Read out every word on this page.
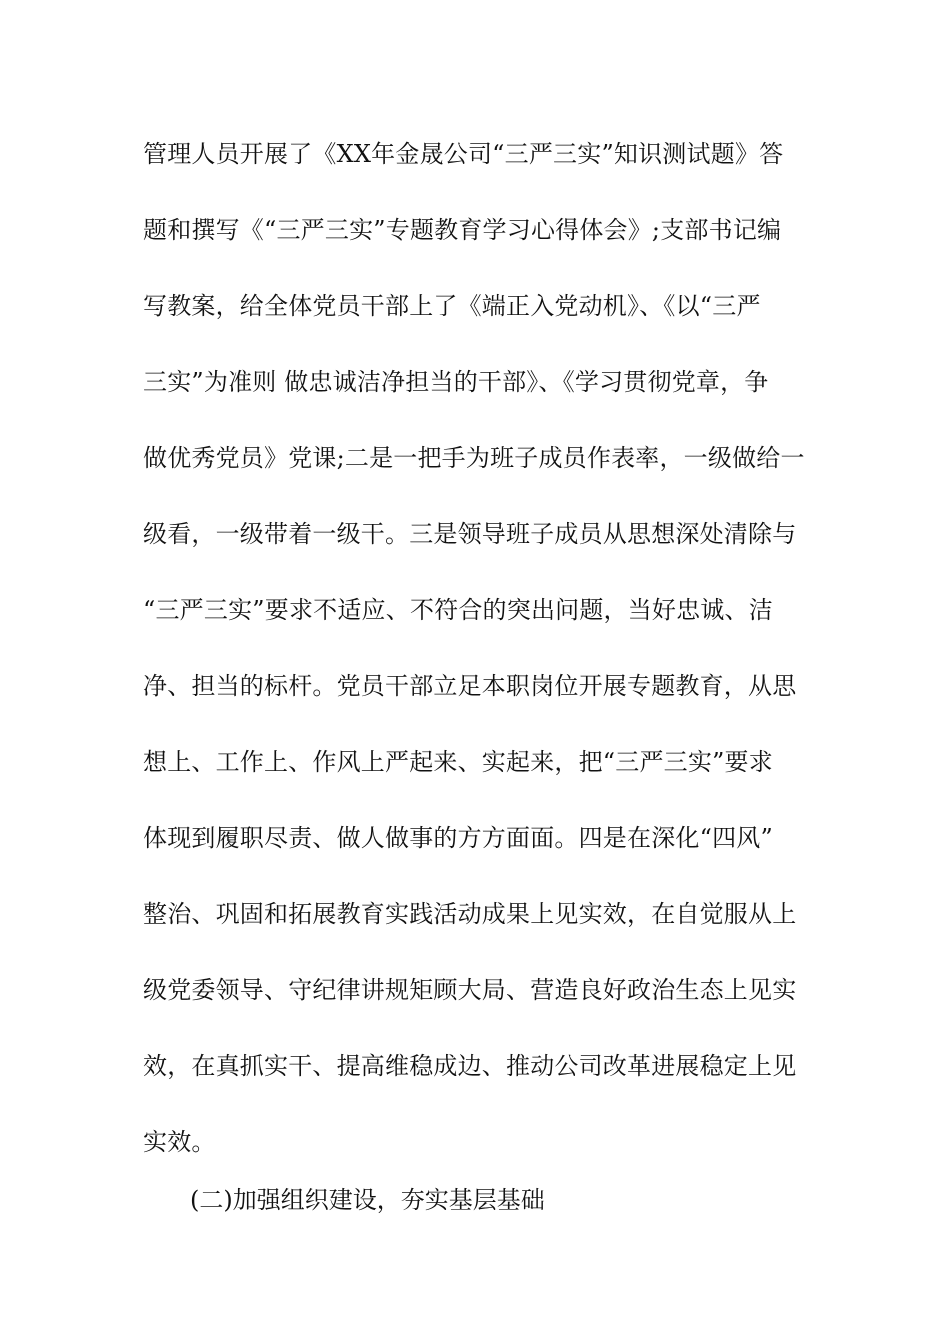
管理人员开展了《XX年金晟公司“三严三实”知识测试题》答
题和撰写《“三严三实”专题教育学习心得体会》;支部书记编
写教案，给全体党员干部上了《端正入党动机》、《以“三严
三实”为准则 做忠诚洁净担当的干部》、《学习贯彻党章，争
做优秀党员》党课;二是一把手为班子成员作表率，一级做给一
级看，一级带着一级干。三是领导班子成员从思想深处清除与
“三严三实”要求不适应、不符合的突出问题，当好忠诚、洁
净、担当的标杆。党员干部立足本职岗位开展专题教育，从思
想上、工作上、作风上严起来、实起来，把“三严三实”要求
体现到履职尽责、做人做事的方方面面。四是在深化“四风”
整治、巩固和拓展教育实践活动成果上见实效，在自觉服从上
级党委领导、守纪律讲规矩顾大局、营造良好政治生态上见实
效，在真抓实干、提高维稳成边、推动公司改革进展稳定上见
实效。
(二)加强组织建设，夯实基层基础
